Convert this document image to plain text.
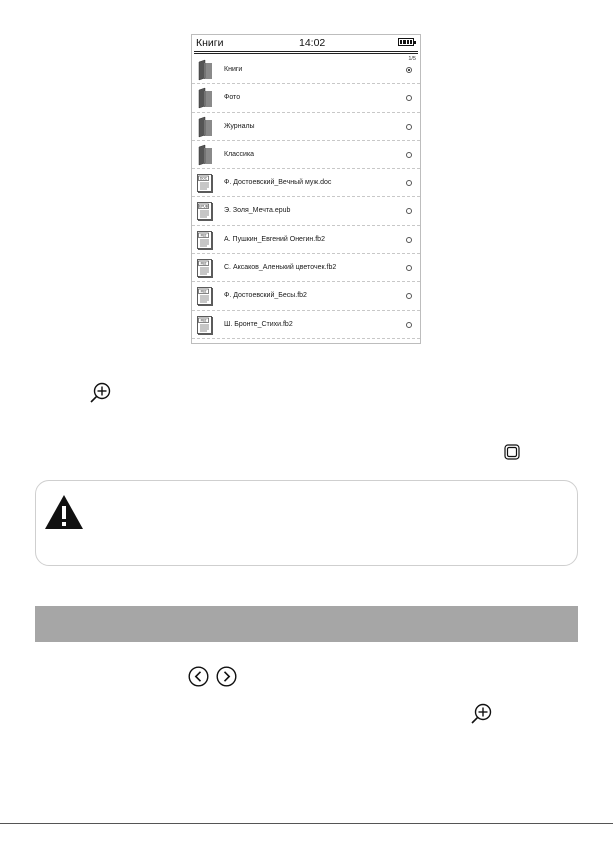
Книги	14:02
1/5
Книги
Фото
Журналы
Классика
DOC
Ф. Достоевский_Вечный муж.doc
EPUB
Э. Золя_Мечта.epub
FB2
А. Пушкин_Евгений Онегин.fb2
FB2
С. Аксаков_Аленький цветочек.fb2
FB2
Ф. Достоевский_Бесы.fb2
FB2
Ш. Бронте_Стихи.fb2
